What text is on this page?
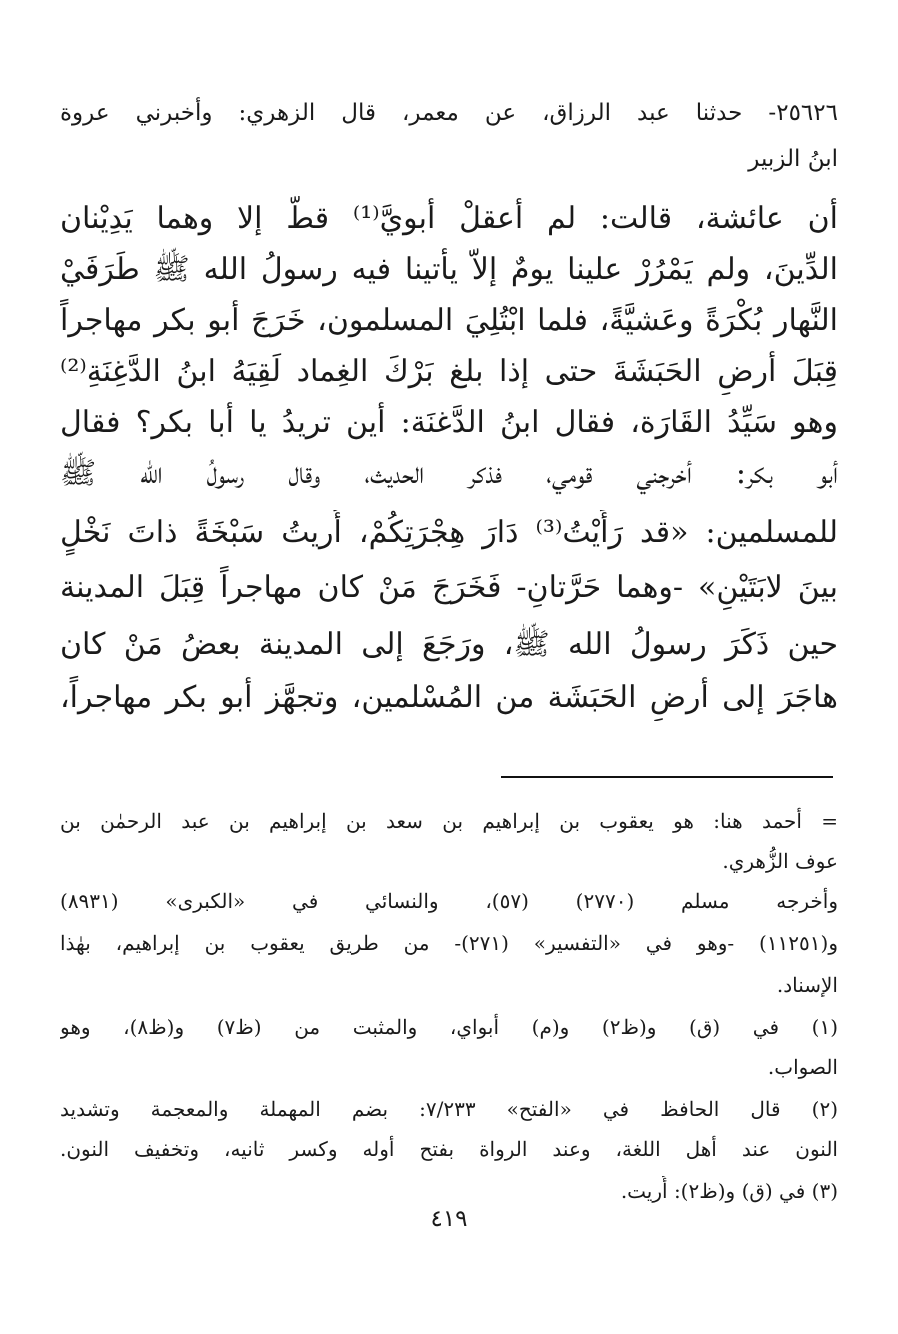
٢٥٦٢٦- حدثنا عبد الرزاق، عن معمر، قال الزهري: وأخبرني عروة
ابنُ الزبير
أن عائشة، قالت: لم أعقلْ أبويَّ⁽¹⁾ قطُّ إلا وهما يَدِيْنان
الدِّينَ، ولم يَمْرُرْ علينا يومٌ إلاّ يأتينا فيه رسولُ الله ﷺ طَرَفَيْ
النَّهار بُكْرَةً وعَشيَّةً، فلما ابْتُلِيَ المسلمون، خَرَجَ أبو بكر مهاجراً
قِبَلَ أرضِ الحَبَشَةَ حتى إذا بلغ بَرْكَ الغِماد لَقِيَهُ ابنُ الدَّغِنَةِ⁽²⁾
وهو سَيِّدُ القَارَة، فقال ابنُ الدَّغنَة: أين تريدُ يا أبا بكر؟ فقال
أبو بكر: أخرجني قومي، فذكر الحديث، وقال رسولُ الله ﷺ
للمسلمين: «قد رَأَيْتُ⁽³⁾ دَارَ هِجْرَتِكُمْ، أُريتُ سَبْخَةً ذاتَ نَخْلٍ
بينَ لابَتَيْنِ» -وهما حَرَّتانِ- فَخَرَجَ مَنْ كان مهاجراً قِبَلَ المدينة
حين ذَكَرَ رسولُ الله ﷺ، ورَجَعَ إلى المدينة بعضُ مَنْ كان
هاجَرَ إلى أرضِ الحَبَشَة من المُسْلمين، وتجهَّز أبو بكر مهاجراً،
= أحمد هنا: هو يعقوب بن إبراهيم بن سعد بن إبراهيم بن عبد الرحمٰن بن
عوف الزُّهري.
وأخرجه مسلم (٢٧٧٠) (٥٧)، والنسائي في «الكبرى» (٨٩٣١)
و(١١٢٥١) -وهو في «التفسير» (٢٧١)- من طريق يعقوب بن إبراهيم، بهٰذا
الإسناد.
(١) في (ق) و(ظ٢) و(م) أبواي، والمثبت من (ظ٧) و(ظ٨)، وهو
الصواب.
(٢) قال الحافظ في «الفتح» ٧/٢٣٣: بضم المهملة والمعجمة وتشديد
النون عند أهل اللغة، وعند الرواة بفتح أوله وكسر ثانيه، وتخفيف النون.
(٣) في (ق) و(ظ٢): أُريت.
٤١٩
